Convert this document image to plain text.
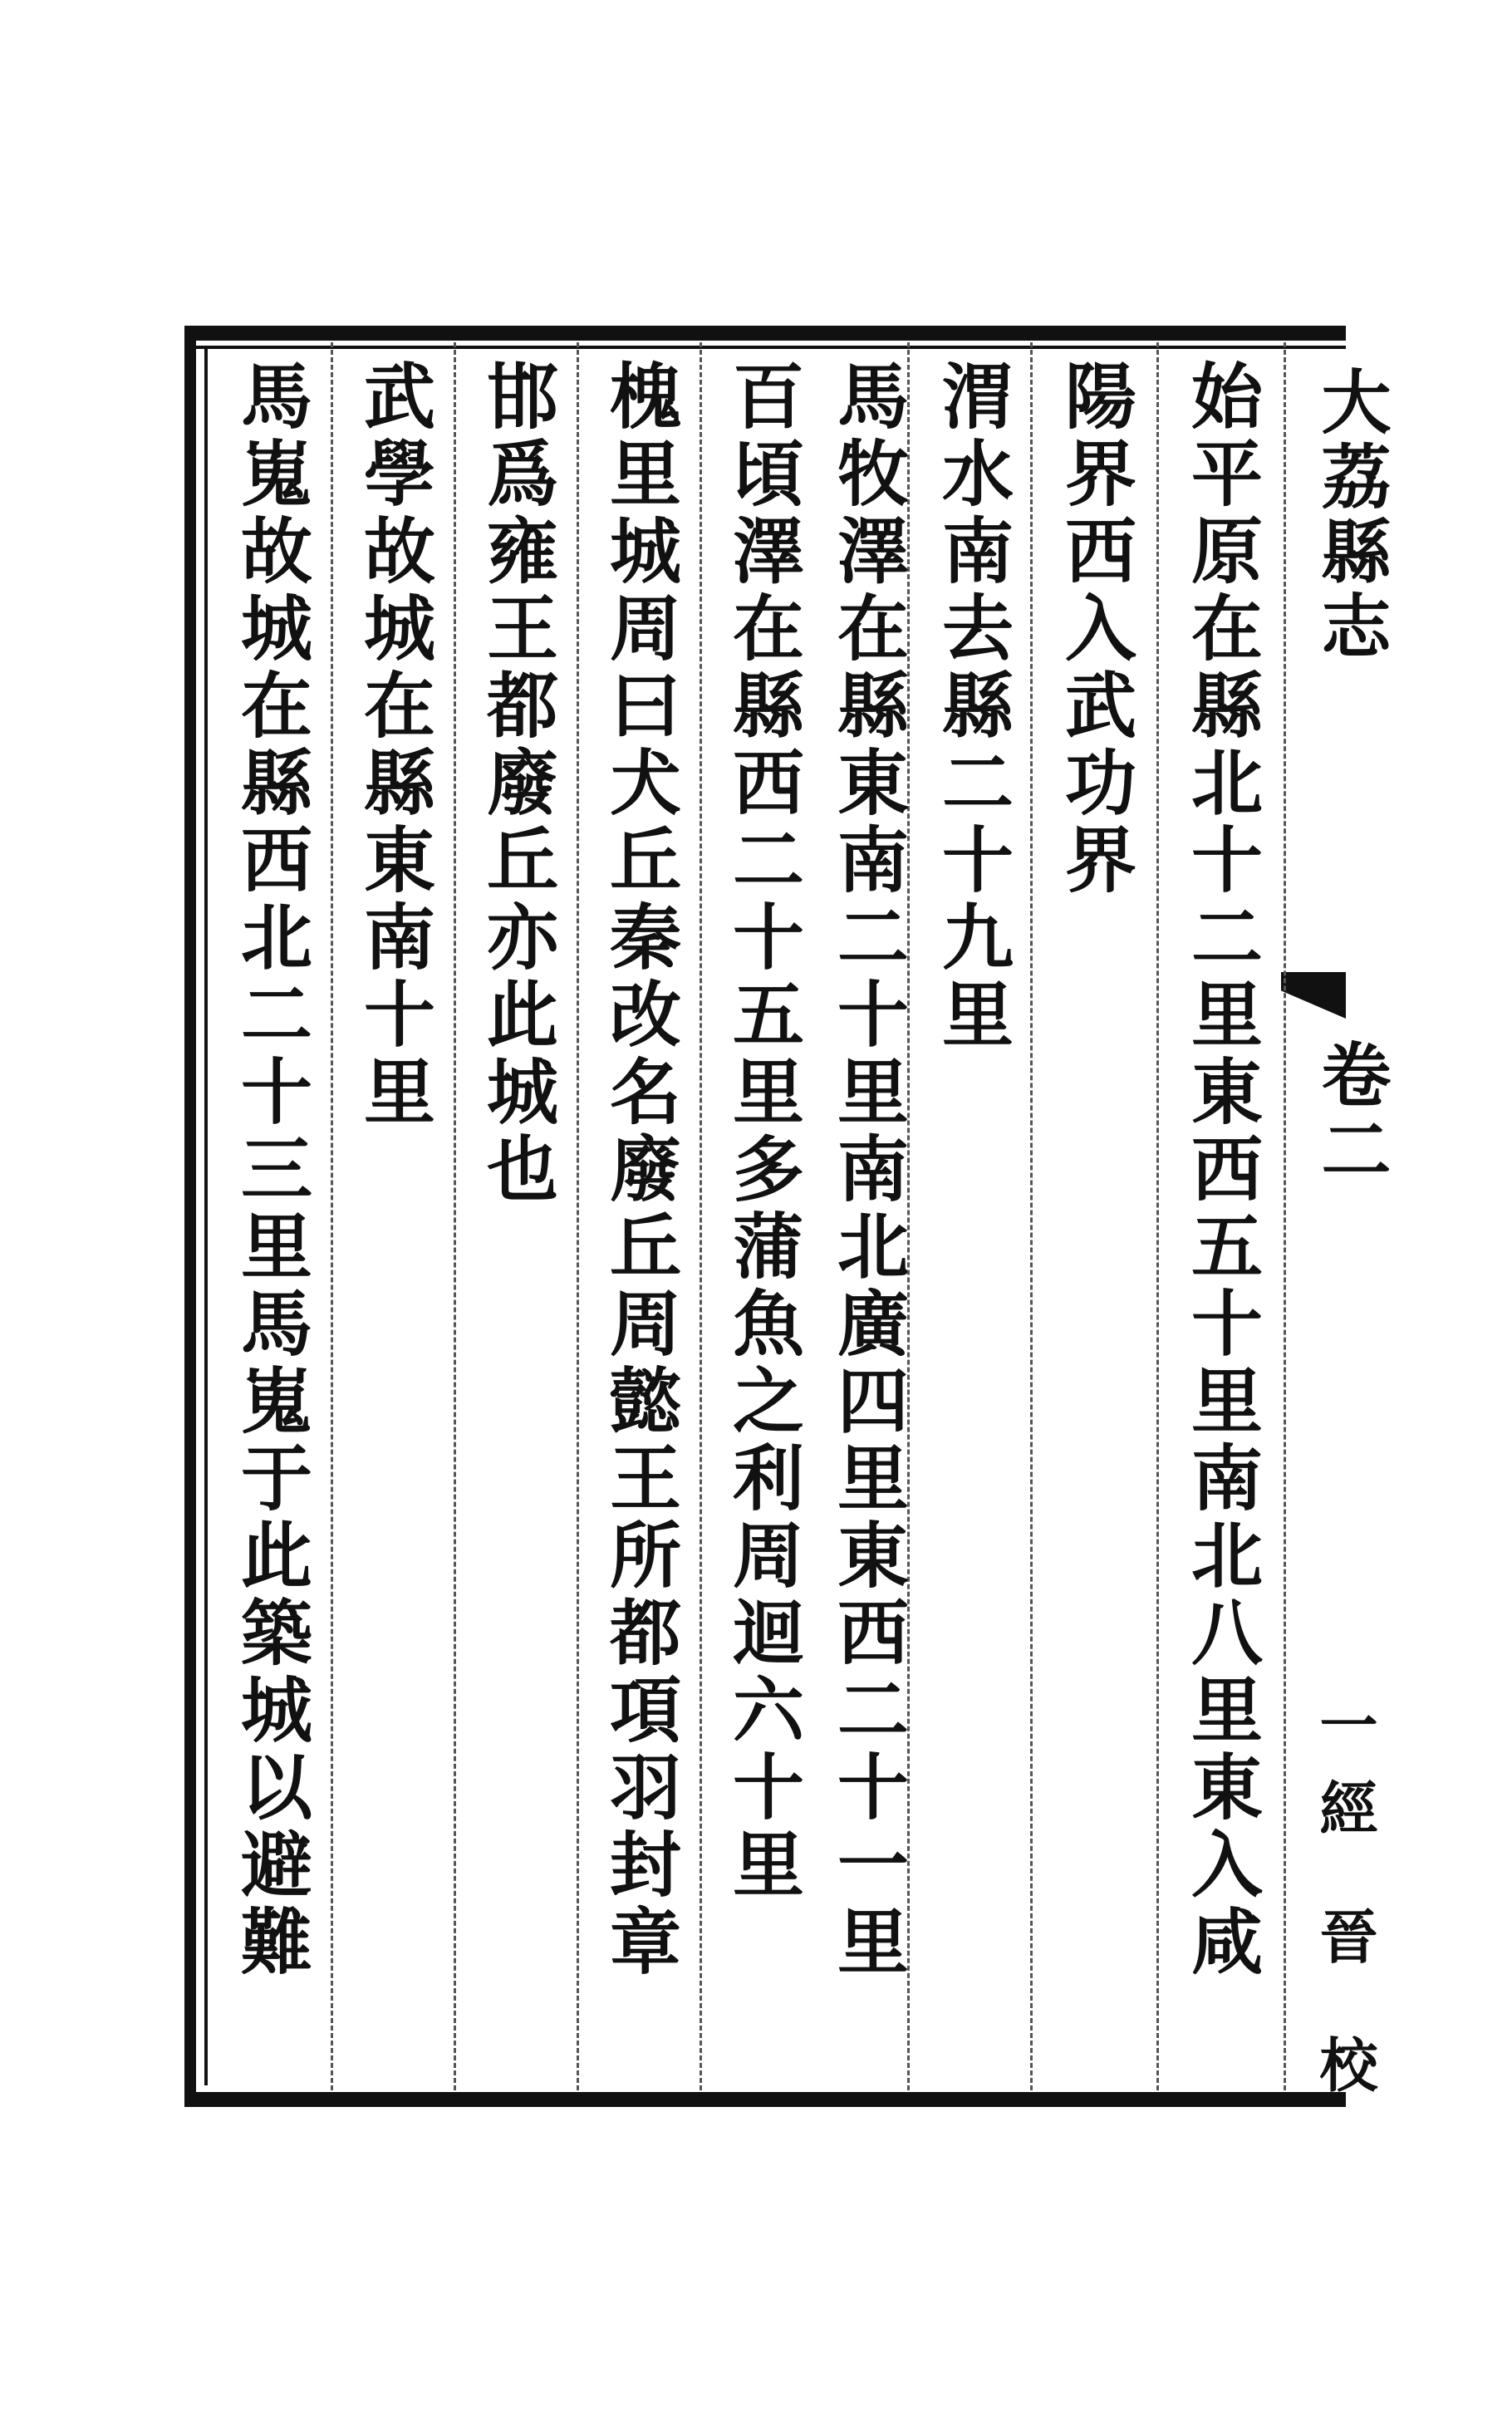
大荔縣志
卷二
一經 晉 校
始平原在縣北十二里東西五十里南北八里東入咸
陽界西入武功界
渭水南去縣二十九里
馬牧澤在縣東南二十里南北廣四里東西二十一里
百頃澤在縣西二十五里多蒲魚之利周迴六十里
槐里城周曰犬丘秦改名廢丘周懿王所都項羽封章
邯爲雍王都廢丘亦此城也
武學故城在縣東南十里
馬嵬故城在縣西北二十三里馬嵬于此築城以避難
